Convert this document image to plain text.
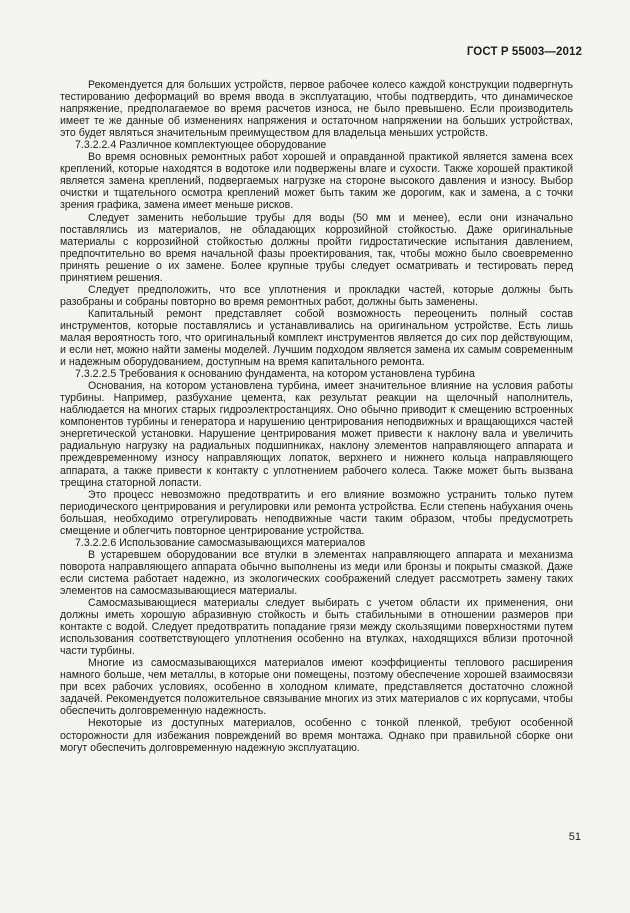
ГОСТ Р 55003—2012

Рекомендуется для больших устройств, первое рабочее колесо каждой конструкции подвергнуть тестированию деформаций во время ввода в эксплуатацию, чтобы подтвердить, что динамическое напряжение, предполагаемое во время расчетов износа, не было превышено. Если производитель имеет те же данные об изменениях напряжения и остаточном напряжении на больших устройствах, это будет являться значительным преимуществом для владельца меньших устройств.

7.3.2.2.4 Различное комплектующее оборудование

Во время основных ремонтных работ хорошей и оправданной практикой является замена всех креплений, которые находятся в водотоке или подвержены влаге и сухости. Также хорошей практикой является замена креплений, подвергаемых нагрузке на стороне высокого давления и износу. Выбор очистки и тщательного осмотра креплений может быть таким же дорогим, как и замена, а с точки зрения графика, замена имеет меньше рисков.

Следует заменить небольшие трубы для воды (50 мм и менее), если они изначально поставлялись из материалов, не обладающих коррозийной стойкостью. Даже оригинальные материалы с коррозийной стойкостью должны пройти гидростатические испытания давлением, предпочтительно во время начальной фазы проектирования, так, чтобы можно было своевременно принять решение о их замене. Более крупные трубы следует осматривать и тестировать перед принятием решения.

Следует предположить, что все уплотнения и прокладки частей, которые должны быть разобраны и собраны повторно во время ремонтных работ, должны быть заменены.

Капитальный ремонт представляет собой возможность переоценить полный состав инструментов, которые поставлялись и устанавливались на оригинальном устройстве. Есть лишь малая вероятность того, что оригинальный комплект инструментов является до сих пор действующим, и если нет, можно найти замены моделей. Лучшим подходом является замена их самым современным и надежным оборудованием, доступным на время капитального ремонта.

7.3.2.2.5 Требования к основанию фундамента, на котором установлена турбина

Основания, на котором установлена турбина, имеет значительное влияние на условия работы турбины. Например, разбухание цемента, как результат реакции на щелочный наполнитель, наблюдается на многих старых гидроэлектростанциях. Оно обычно приводит к смещению встроенных компонентов турбины и генератора и нарушению центрирования неподвижных и вращающихся частей энергетической установки. Нарушение центрирования может привести к наклону вала и увеличить радиальную нагрузку на радиальных подшипниках, наклону элементов направляющего аппарата и преждевременному износу направляющих лопаток, верхнего и нижнего кольца направляющего аппарата, а также привести к контакту с уплотнением рабочего колеса. Также может быть вызвана трещина статорной лопасти.

Это процесс невозможно предотвратить и его влияние возможно устранить только путем периодического центрирования и регулировки или ремонта устройства. Если степень набухания очень большая, необходимо отрегулировать неподвижные части таким образом, чтобы предусмотреть смещение и облегчить повторное центрирование устройства.

7.3.2.2.6 Использование самосмазывающихся материалов

В устаревшем оборудовании все втулки в элементах направляющего аппарата и механизма поворота направляющего аппарата обычно выполнены из меди или бронзы и покрыты смазкой. Даже если система работает надежно, из экологических соображений следует рассмотреть замену таких элементов на самосмазывающиеся материалы.

Самосмазывающиеся материалы следует выбирать с учетом области их применения, они должны иметь хорошую абразивную стойкость и быть стабильными в отношении размеров при контакте с водой. Следует предотвратить попадание грязи между скользящими поверхностями путем использования соответствующего уплотнения особенно на втулках, находящихся вблизи проточной части турбины.

Многие из самосмазывающихся материалов имеют коэффициенты теплового расширения намного больше, чем металлы, в которые они помещены, поэтому обеспечение хорошей взаимосвязи при всех рабочих условиях, особенно в холодном климате, представляется достаточно сложной задачей. Рекомендуется положительное связывание многих из этих материалов с их корпусами, чтобы обеспечить долговременную надежность.

Некоторые из доступных материалов, особенно с тонкой пленкой, требуют особенной осторожности для избежания повреждений во время монтажа. Однако при правильной сборке они могут обеспечить долговременную надежную эксплуатацию.

51
